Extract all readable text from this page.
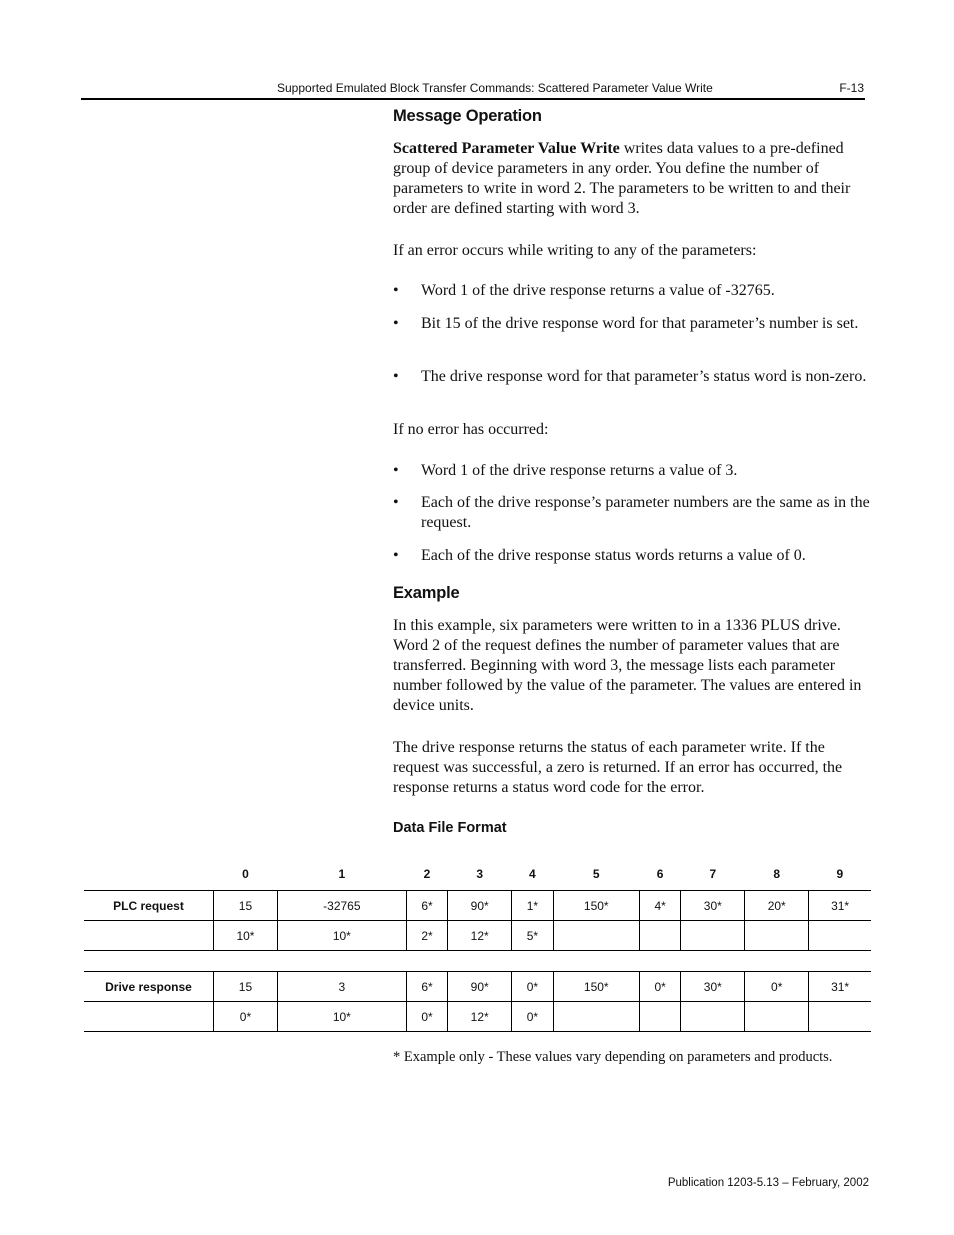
Supported Emulated Block Transfer Commands: Scattered Parameter Value Write	F-13
Message Operation

Scattered Parameter Value Write writes data values to a pre-defined group of device parameters in any order. You define the number of parameters to write in word 2. The parameters to be written to and their order are defined starting with word 3.

If an error occurs while writing to any of the parameters:

• Word 1 of the drive response returns a value of -32765.
• Bit 15 of the drive response word for that parameter’s number is set.
• The drive response word for that parameter’s status word is non-zero.

If no error has occurred:

• Word 1 of the drive response returns a value of 3.
• Each of the drive response’s parameter numbers are the same as in the request.
• Each of the drive response status words returns a value of 0.
Example

In this example, six parameters were written to in a 1336 PLUS drive. Word 2 of the request defines the number of parameter values that are transferred. Beginning with word 3, the message lists each parameter number followed by the value of the parameter. The values are entered in device units.

The drive response returns the status of each parameter write. If the request was successful, a zero is returned. If an error has occurred, the response returns a status word code for the error.

Data File Format
	0	1	2	3	4	5	6	7	8	9
PLC request	15	-32765	6*	90*	1*	150*	4*	30*	20*	31*
	10*	10*	2*	12*	5*					

Drive response	15	3	6*	90*	0*	150*	0*	30*	0*	31*
	0*	10*	0*	12*	0*					
* Example only - These values vary depending on parameters and products.
Publication 1203-5.13 – February, 2002
